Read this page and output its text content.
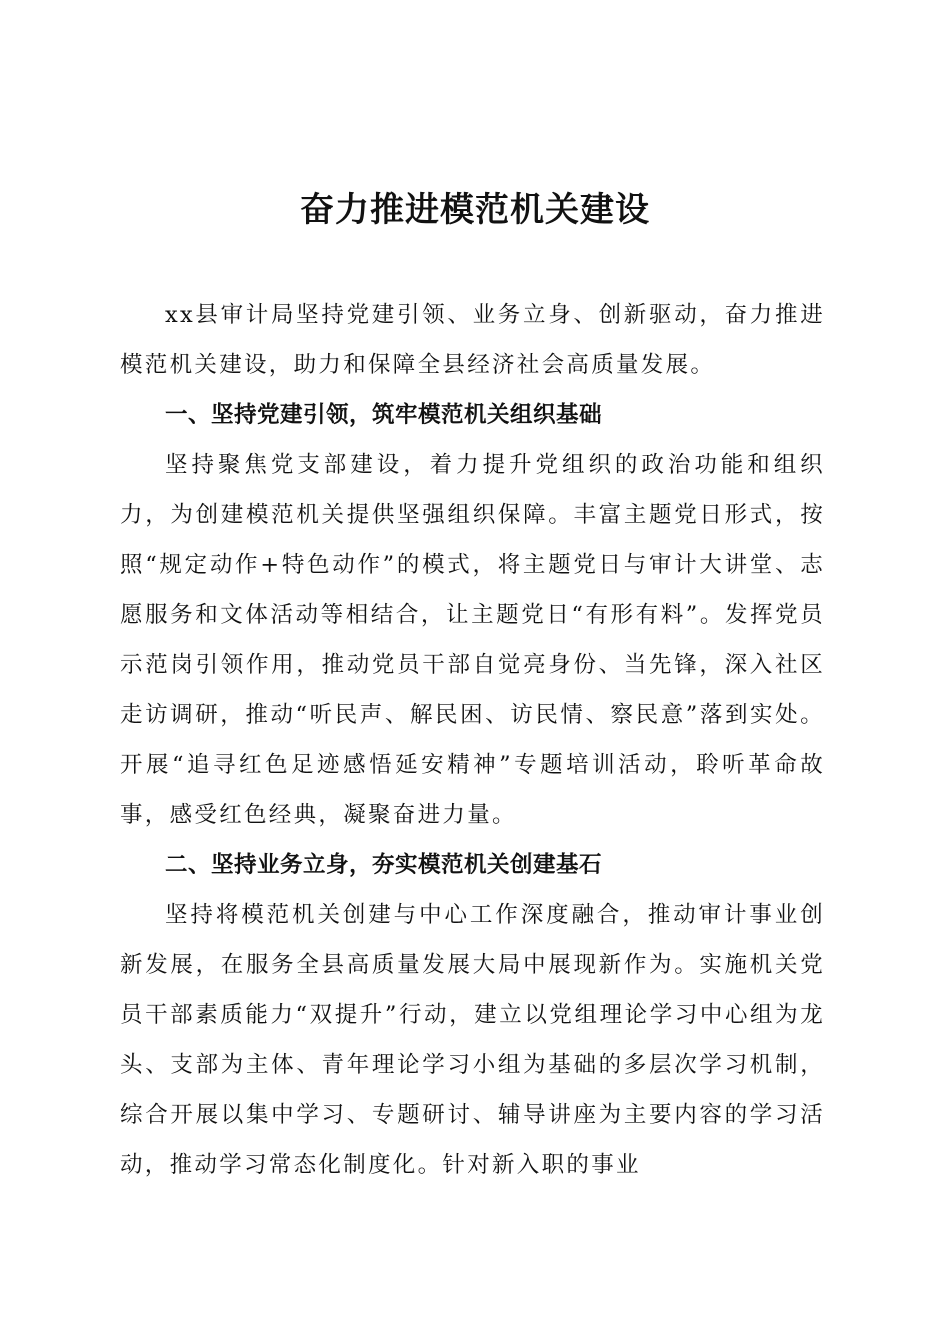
奋力推进模范机关建设

xx县审计局坚持党建引领、业务立身、创新驱动，奋力推进模范机关建设，助力和保障全县经济社会高质量发展。

一、坚持党建引领，筑牢模范机关组织基础

坚持聚焦党支部建设，着力提升党组织的政治功能和组织力，为创建模范机关提供坚强组织保障。丰富主题党日形式，按照“规定动作+特色动作”的模式，将主题党日与审计大讲堂、志愿服务和文体活动等相结合，让主题党日“有形有料”。发挥党员示范岗引领作用，推动党员干部自觉亮身份、当先锋，深入社区走访调研，推动“听民声、解民困、访民情、察民意”落到实处。开展“追寻红色足迹感悟延安精神”专题培训活动，聆听革命故事，感受红色经典，凝聚奋进力量。

二、坚持业务立身，夯实模范机关创建基石

坚持将模范机关创建与中心工作深度融合，推动审计事业创新发展，在服务全县高质量发展大局中展现新作为。实施机关党员干部素质能力“双提升”行动，建立以党组理论学习中心组为龙头、支部为主体、青年理论学习小组为基础的多层次学习机制，综合开展以集中学习、专题研讨、辅导讲座为主要内容的学习活动，推动学习常态化制度化。针对新入职的事业
